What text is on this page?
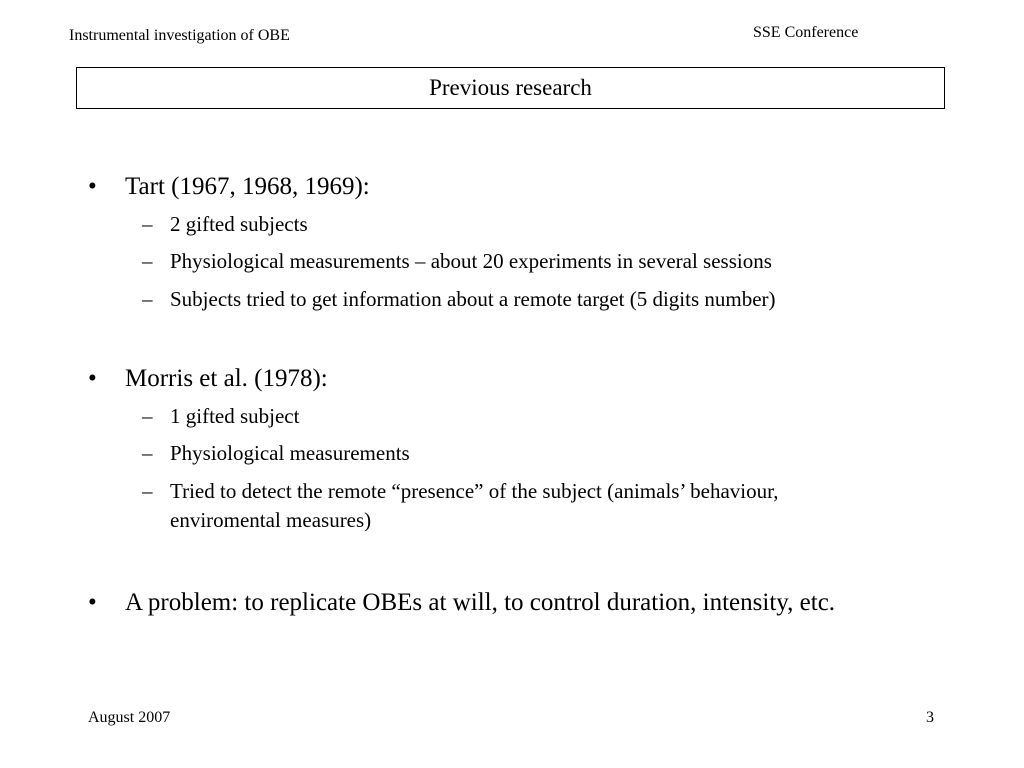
Instrumental investigation of OBE	SSE Conference
Previous research
• Tart (1967, 1968, 1969):
– 2 gifted subjects
– Physiological measurements – about 20 experiments in several sessions
– Subjects tried to get information about a remote target (5 digits number)
• Morris et al. (1978):
– 1 gifted subject
– Physiological measurements
– Tried to detect the remote “presence” of the subject (animals’ behaviour,
enviromental measures)
• A problem: to replicate OBEs at will, to control duration, intensity, etc.
August 2007	3
